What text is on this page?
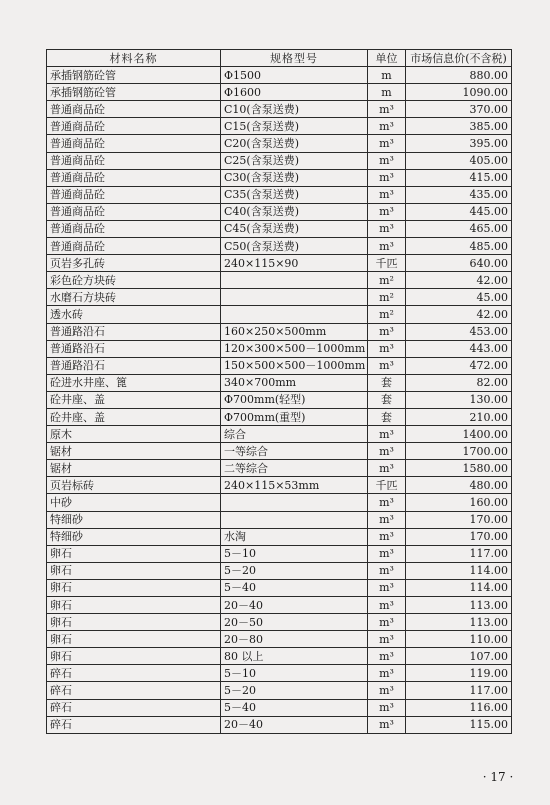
材料名称	规格型号	单位	市场信息价(不含税)
承插钢筋砼管	Φ1500	m	880.00
承插钢筋砼管	Φ1600	m	1090.00
普通商品砼	C10(含泵送费)	m³	370.00
普通商品砼	C15(含泵送费)	m³	385.00
普通商品砼	C20(含泵送费)	m³	395.00
普通商品砼	C25(含泵送费)	m³	405.00
普通商品砼	C30(含泵送费)	m³	415.00
普通商品砼	C35(含泵送费)	m³	435.00
普通商品砼	C40(含泵送费)	m³	445.00
普通商品砼	C45(含泵送费)	m³	465.00
普通商品砼	C50(含泵送费)	m³	485.00
页岩多孔砖	240×115×90	千匹	640.00
彩色砼方块砖		m²	42.00
水磨石方块砖		m²	45.00
透水砖		m²	42.00
普通路沿石	160×250×500mm	m³	453.00
普通路沿石	120×300×500－1000mm	m³	443.00
普通路沿石	150×500×500－1000mm	m³	472.00
砼进水井座、篦	340×700mm	套	82.00
砼井座、盖	Φ700mm(轻型)	套	130.00
砼井座、盖	Φ700mm(重型)	套	210.00
原木	综合	m³	1400.00
锯材	一等综合	m³	1700.00
锯材	二等综合	m³	1580.00
页岩标砖	240×115×53mm	千匹	480.00
中砂		m³	160.00
特细砂		m³	170.00
特细砂	水淘	m³	170.00
卵石	5－10	m³	117.00
卵石	5－20	m³	114.00
卵石	5－40	m³	114.00
卵石	20－40	m³	113.00
卵石	20－50	m³	113.00
卵石	20－80	m³	110.00
卵石	80 以上	m³	107.00
碎石	5－10	m³	119.00
碎石	5－20	m³	117.00
碎石	5－40	m³	116.00
碎石	20－40	m³	115.00
· 17 ·
